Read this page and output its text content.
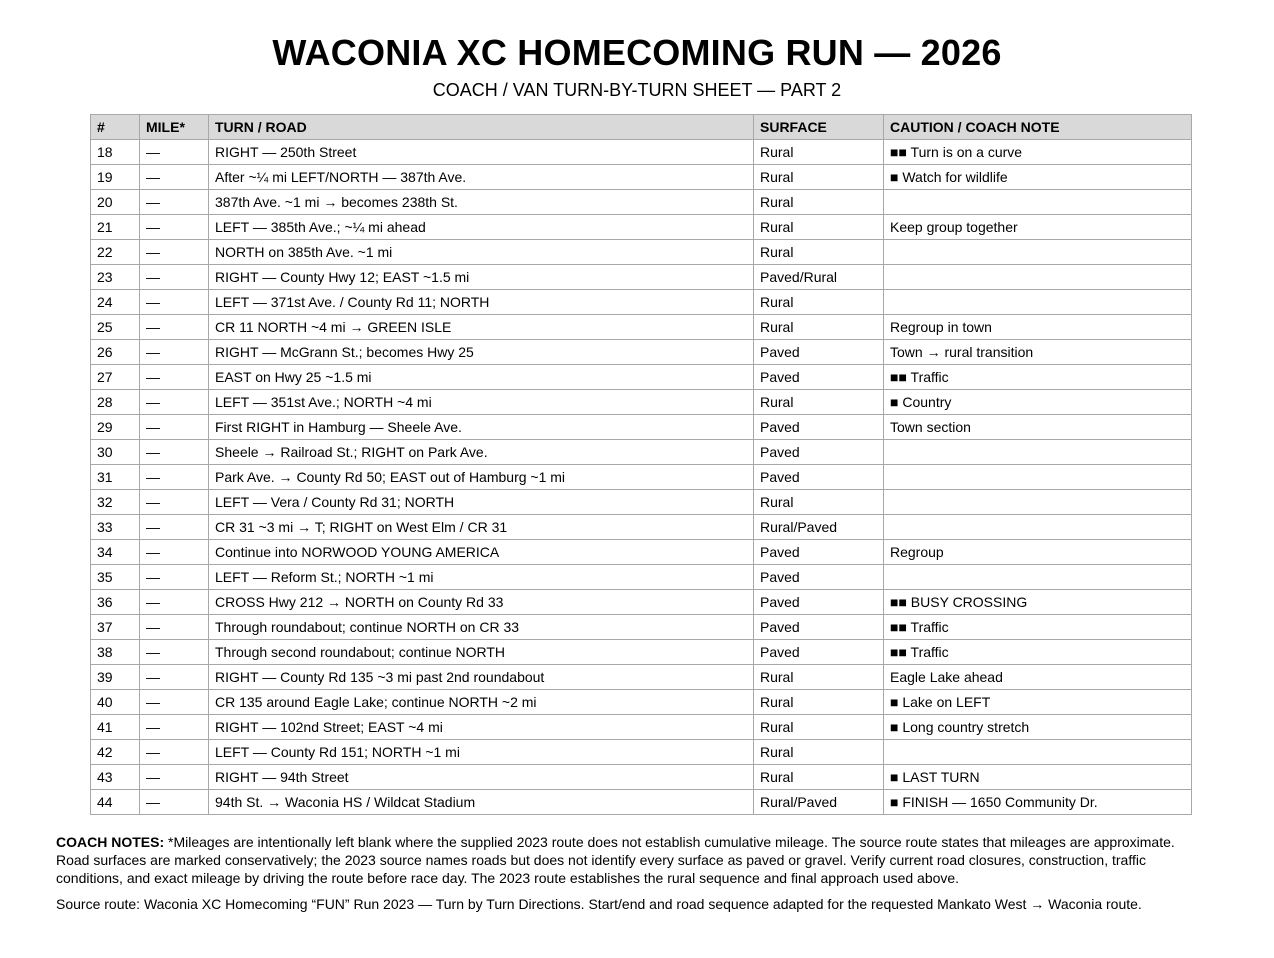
WACONIA XC HOMECOMING RUN — 2026
COACH / VAN TURN-BY-TURN SHEET — PART 2
#	MILE*	TURN / ROAD	SURFACE	CAUTION / COACH NOTE
18	—	RIGHT — 250th Street	Rural	■■ Turn is on a curve
19	—	After ~¼ mi LEFT/NORTH — 387th Ave.	Rural	■ Watch for wildlife
20	—	387th Ave. ~1 mi → becomes 238th St.	Rural	
21	—	LEFT — 385th Ave.; ~¼ mi ahead	Rural	Keep group together
22	—	NORTH on 385th Ave. ~1 mi	Rural	
23	—	RIGHT — County Hwy 12; EAST ~1.5 mi	Paved/Rural	
24	—	LEFT — 371st Ave. / County Rd 11; NORTH	Rural	
25	—	CR 11 NORTH ~4 mi → GREEN ISLE	Rural	Regroup in town
26	—	RIGHT — McGrann St.; becomes Hwy 25	Paved	Town → rural transition
27	—	EAST on Hwy 25 ~1.5 mi	Paved	■■ Traffic
28	—	LEFT — 351st Ave.; NORTH ~4 mi	Rural	■ Country
29	—	First RIGHT in Hamburg — Sheele Ave.	Paved	Town section
30	—	Sheele → Railroad St.; RIGHT on Park Ave.	Paved	
31	—	Park Ave. → County Rd 50; EAST out of Hamburg ~1 mi	Paved	
32	—	LEFT — Vera / County Rd 31; NORTH	Rural	
33	—	CR 31 ~3 mi → T; RIGHT on West Elm / CR 31	Rural/Paved	
34	—	Continue into NORWOOD YOUNG AMERICA	Paved	Regroup
35	—	LEFT — Reform St.; NORTH ~1 mi	Paved	
36	—	CROSS Hwy 212 → NORTH on County Rd 33	Paved	■■ BUSY CROSSING
37	—	Through roundabout; continue NORTH on CR 33	Paved	■■ Traffic
38	—	Through second roundabout; continue NORTH	Paved	■■ Traffic
39	—	RIGHT — County Rd 135 ~3 mi past 2nd roundabout	Rural	Eagle Lake ahead
40	—	CR 135 around Eagle Lake; continue NORTH ~2 mi	Rural	■ Lake on LEFT
41	—	RIGHT — 102nd Street; EAST ~4 mi	Rural	■ Long country stretch
42	—	LEFT — County Rd 151; NORTH ~1 mi	Rural	
43	—	RIGHT — 94th Street	Rural	■ LAST TURN
44	—	94th St. → Waconia HS / Wildcat Stadium	Rural/Paved	■ FINISH — 1650 Community Dr.

COACH NOTES: *Mileages are intentionally left blank where the supplied 2023 route does not establish cumulative mileage. The source route states that mileages are approximate. Road surfaces are marked conservatively; the 2023 source names roads but does not identify every surface as paved or gravel. Verify current road closures, construction, traffic conditions, and exact mileage by driving the route before race day. The 2023 route establishes the rural sequence and final approach used above.

Source route: Waconia XC Homecoming “FUN” Run 2023 — Turn by Turn Directions. Start/end and road sequence adapted for the requested Mankato West → Waconia route.
